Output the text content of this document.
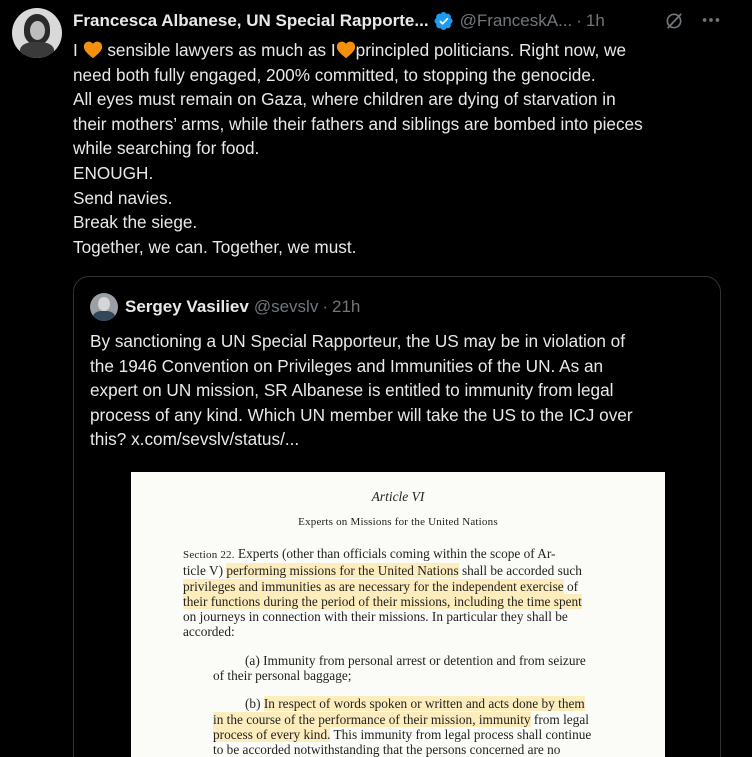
Francesca Albanese, UN Special Rapporte... @FranceskA... · 1h
I  sensible lawyers as much as I principled politicians. Right now, we
need both fully engaged, 200% committed, to stopping the genocide.
All eyes must remain on Gaza, where children are dying of starvation in
their mothers’ arms, while their fathers and siblings are bombed into pieces
while searching for food.
ENOUGH.
Send navies.
Break the siege.
Together, we can. Together, we must.
Sergey Vasiliev @sevslv · 21h
By sanctioning a UN Special Rapporteur, the US may be in violation of
the 1946 Convention on Privileges and Immunities of the UN. As an
expert on UN mission, SR Albanese is entitled to immunity from legal
process of any kind. Which UN member will take the US to the ICJ over
this? x.com/sevslv/status/...
Article VI
Experts on Missions for the United Nations
Section 22. Experts (other than officials coming within the scope of Ar-
ticle V) performing missions for the United Nations shall be accorded such
privileges and immunities as are necessary for the independent exercise of
their functions during the period of their missions, including the time spent
on journeys in connection with their missions. In particular they shall be
accorded:
(a) Immunity from personal arrest or detention and from seizure
of their personal baggage;
(b) In respect of words spoken or written and acts done by them
in the course of the performance of their mission, immunity from legal
process of every kind. This immunity from legal process shall continue
to be accorded notwithstanding that the persons concerned are no
